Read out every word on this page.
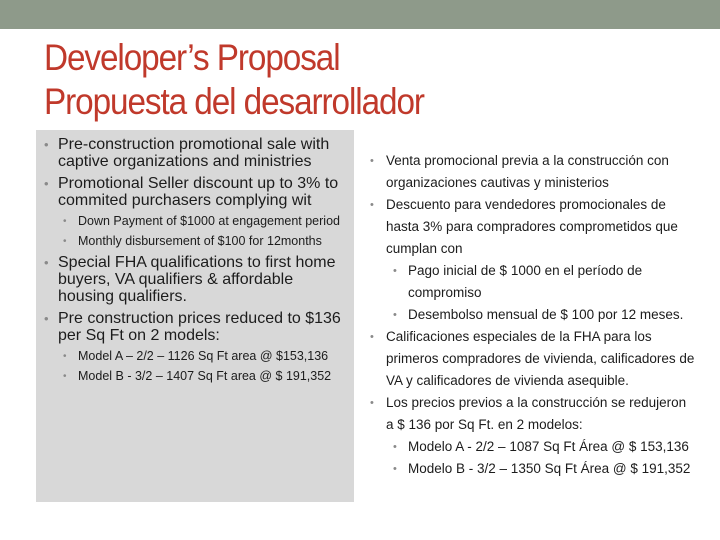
Developer’s Proposal
Propuesta del desarrollador
• Pre-construction promotional sale with captive organizations and ministries
• Promotional Seller discount up to 3% to commited purchasers complying wit
• Down Payment of $1000 at engagement period
• Monthly disbursement of $100 for 12months
• Special FHA qualifications to first home buyers, VA qualifiers & affordable housing qualifiers.
• Pre construction prices reduced to $136 per Sq Ft on 2 models:
• Model A – 2/2 – 1126 Sq Ft area @ $153,136
• Model B - 3/2 – 1407 Sq Ft area @ $ 191,352
• Venta promocional previa a la construcción con organizaciones cautivas y ministerios
• Descuento para vendedores promocionales de hasta 3% para compradores comprometidos que cumplan con
• Pago inicial de $ 1000 en el período de compromiso
• Desembolso mensual de $ 100 por 12 meses.
• Calificaciones especiales de la FHA para los primeros compradores de vivienda, calificadores de VA y calificadores de vivienda asequible.
• Los precios previos a la construcción se redujeron a $ 136 por Sq Ft. en 2 modelos:
• Modelo A - 2/2 – 1087 Sq Ft Área @ $ 153,136
• Modelo B - 3/2 – 1350 Sq Ft Área @ $ 191,352
